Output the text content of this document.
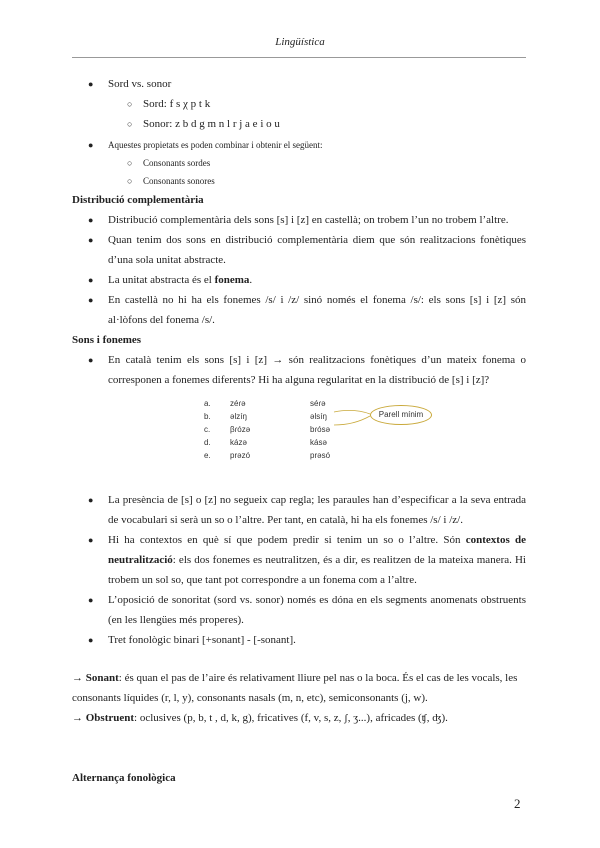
Lingüística
● Sord vs. sonor
○ Sord: f s χ p t k
○ Sonor: z b d g m n l r j a e i o u
● Aquestes propietats es poden combinar i obtenir el següent:
○ Consonants sordes
○ Consonants sonores
Distribució complementària
● Distribució complementària dels sons [s] i [z] en castellà; on trobem l’un no trobem l’altre.
● Quan tenim dos sons en distribució complementària diem que són realitzacions fonètiques d’una sola unitat abstracte.
● La unitat abstracta és el fonema.
● En castellà no hi ha els fonemes /s/ i /z/ sinó només el fonema /s/: els sons [s] i [z] són al·lòfons del fonema /s/.
Sons i fonemes
● En català tenim els sons [s] i [z] → són realitzacions fonètiques d’un mateix fonema o corresponen a fonemes diferents? Hi ha alguna regularitat en la distribució de [s] i [z]?
a. zéɾə	séɾə
b. əlzíŋ	əlsíŋ
c. βɾózə	bɾósə
d. kázə	kásə
e. prəzó	prəsó
Parell mínim
● La presència de [s] o [z] no segueix cap regla; les paraules han d’especificar a la seva entrada de vocabulari si serà un so o l’altre. Per tant, en català, hi ha els fonemes /s/ i /z/.
● Hi ha contextos en què sí que podem predir si tenim un so o l’altre. Són contextos de neutralització: els dos fonemes es neutralitzen, és a dir, es realitzen de la mateixa manera. Hi trobem un sol so, que tant pot correspondre a un fonema com a l’altre.
● L’oposició de sonoritat (sord vs. sonor) només es dóna en els segments anomenats obstruents (en les llengües més properes).
● Tret fonològic binari [+sonant] - [-sonant].
→ Sonant: és quan el pas de l’aire és relativament lliure pel nas o la boca. És el cas de les vocals, les consonants líquides (r, l, y), consonants nasals (m, n, etc), semiconsonants (j, w).
→ Obstruent: oclusives (p, b, t , d, k, g), fricatives (f, v, s, z, ʃ, ʒ...), africades (ʧ, ʤ).
Alternança fonològica
2
